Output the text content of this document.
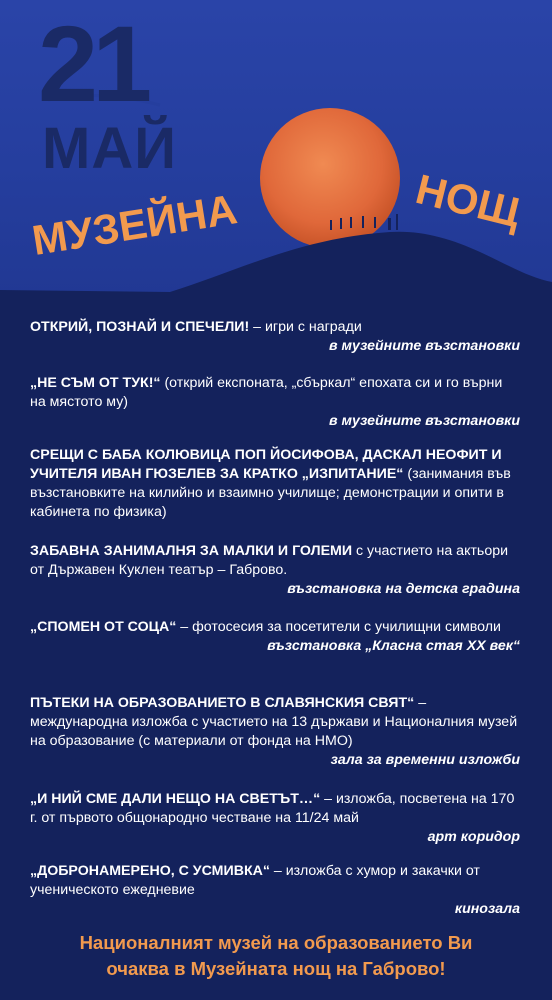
21
МАЙ
НОЩ
МУЗЕЙНА

ОТКРИЙ, ПОЗНАЙ И СПЕЧЕЛИ! – игри с награди

в музейните възстановки

„НЕ СЪМ ОТ ТУК!“ (открий експоната, „сбъркал“ епохата си и го върни на мястото му)

в музейните възстановки

СРЕЩИ С БАБА КОЛЮВИЦА ПОП ЙОСИФОВА, ДАСКАЛ НЕОФИТ И УЧИТЕЛЯ ИВАН ГЮЗЕЛЕВ ЗА КРАТКО „ИЗПИТАНИЕ“ (занимания във възстановките на килийно и взаимно училище; демонстрации и опити в кабинета по физика)

ЗАБАВНА ЗАНИМАЛНЯ ЗА МАЛКИ И ГОЛЕМИ с участието на актьори от Държавен Куклен театър – Габрово.

възстановка на детска градина

„СПОМЕН ОТ СОЦА“ – фотосесия за посетители с училищни символи

възстановка „Класна стая XX век“

ПЪТЕКИ НА ОБРАЗОВАНИЕТО В СЛАВЯНСКИЯ СВЯТ“ – международна изложба с участието на 13 държави и Националния музей на образование (с материали от фонда на НМО)

зала за временни изложби

„И НИЙ СМЕ ДАЛИ НЕЩО НА СВЕТЪТ…“ – изложба, посветена на 170 г. от първото общонародно честване на 11/24 май

арт коридор

„ДОБРОНАМЕРЕНО, С УСМИВКА“ – изложба с хумор и закачки от ученическото ежедневие

кинозала
Националният музей на образованието Ви
очаква в Музейната нощ на Габрово!
